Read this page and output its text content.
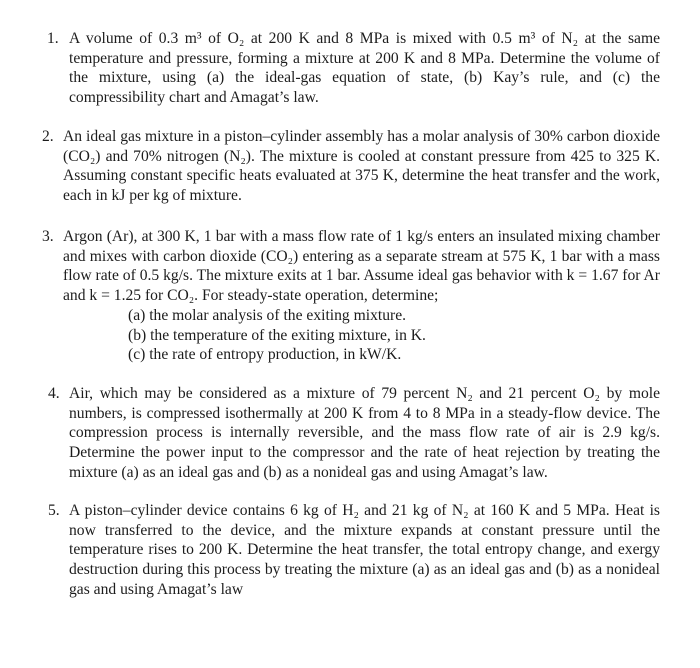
1. A volume of 0.3 m³ of O₂ at 200 K and 8 MPa is mixed with 0.5 m³ of N₂ at the same temperature and pressure, forming a mixture at 200 K and 8 MPa. Determine the volume of the mixture, using (a) the ideal-gas equation of state, (b) Kay’s rule, and (c) the compressibility chart and Amagat’s law.

2. An ideal gas mixture in a piston–cylinder assembly has a molar analysis of 30% carbon dioxide (CO₂) and 70% nitrogen (N₂). The mixture is cooled at constant pressure from 425 to 325 K. Assuming constant specific heats evaluated at 375 K, determine the heat transfer and the work, each in kJ per kg of mixture.

3. Argon (Ar), at 300 K, 1 bar with a mass flow rate of 1 kg/s enters an insulated mixing chamber and mixes with carbon dioxide (CO₂) entering as a separate stream at 575 K, 1 bar with a mass flow rate of 0.5 kg/s. The mixture exits at 1 bar. Assume ideal gas behavior with k = 1.67 for Ar and k = 1.25 for CO₂. For steady-state operation, determine;

(a) the molar analysis of the exiting mixture.
(b) the temperature of the exiting mixture, in K.
(c) the rate of entropy production, in kW/K.
4. Air, which may be considered as a mixture of 79 percent N₂ and 21 percent O₂ by mole numbers, is compressed isothermally at 200 K from 4 to 8 MPa in a steady-flow device. The compression process is internally reversible, and the mass flow rate of air is 2.9 kg/s. Determine the power input to the compressor and the rate of heat rejection by treating the mixture (a) as an ideal gas and (b) as a nonideal gas and using Amagat’s law.

5. A piston–cylinder device contains 6 kg of H₂ and 21 kg of N₂ at 160 K and 5 MPa. Heat is now transferred to the device, and the mixture expands at constant pressure until the temperature rises to 200 K. Determine the heat transfer, the total entropy change, and exergy destruction during this process by treating the mixture (a) as an ideal gas and (b) as a nonideal gas and using Amagat’s law
